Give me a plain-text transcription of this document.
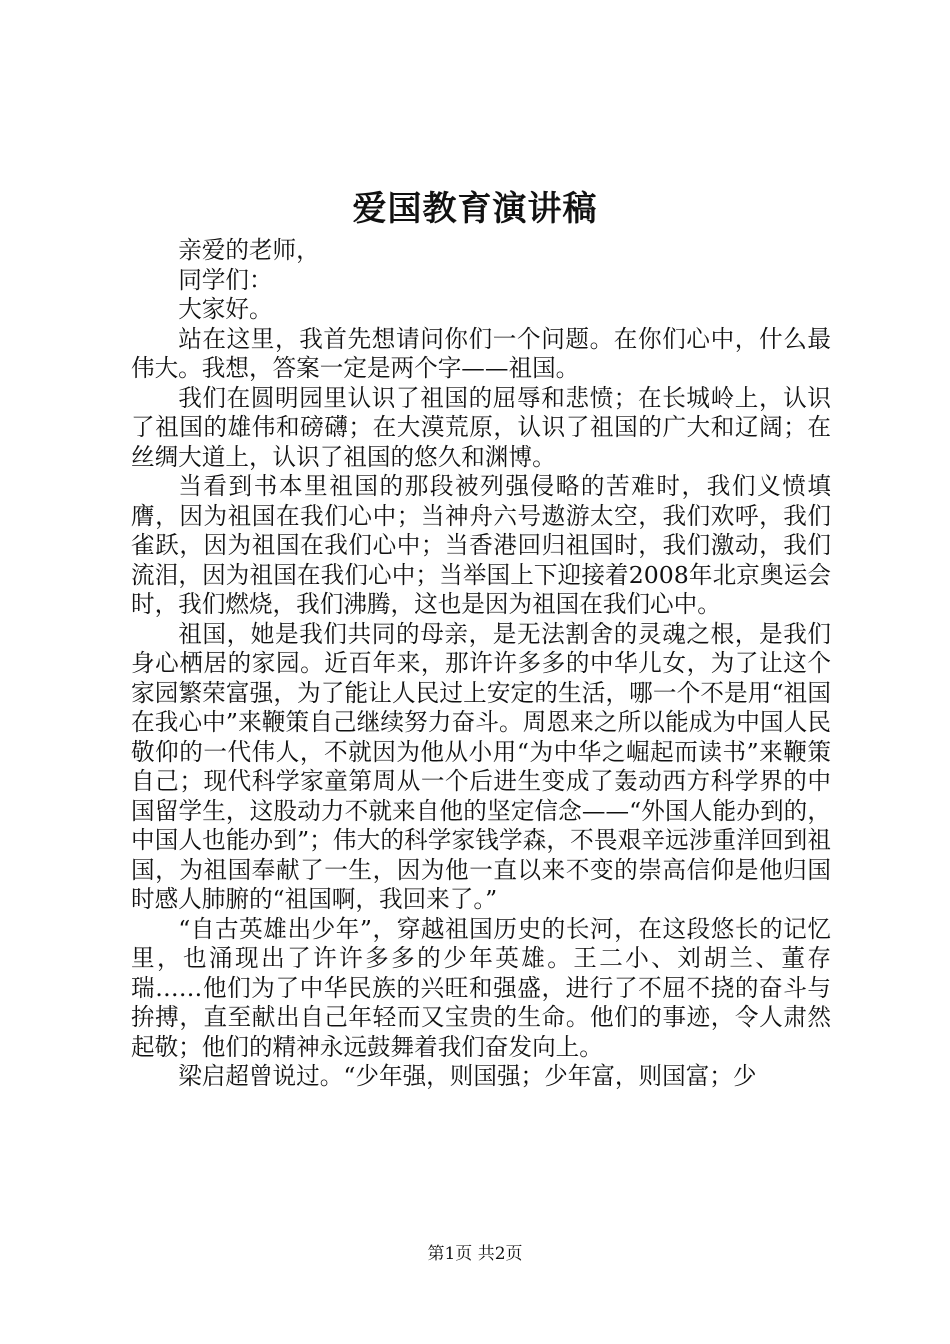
爱国教育演讲稿

亲爱的老师，

同学们：

大家好。

站在这里，我首先想请问你们一个问题。在你们心中，什么最伟大。我想，答案一定是两个字——祖国。

我们在圆明园里认识了祖国的屈辱和悲愤；在长城岭上，认识了祖国的雄伟和磅礴；在大漠荒原，认识了祖国的广大和辽阔；在丝绸大道上，认识了祖国的悠久和渊博。

当看到书本里祖国的那段被列强侵略的苦难时，我们义愤填膺，因为祖国在我们心中；当神舟六号遨游太空，我们欢呼，我们雀跃，因为祖国在我们心中；当香港回归祖国时，我们激动，我们流泪，因为祖国在我们心中；当举国上下迎接着2008年北京奥运会时，我们燃烧，我们沸腾，这也是因为祖国在我们心中。

祖国，她是我们共同的母亲，是无法割舍的灵魂之根，是我们身心栖居的家园。近百年来，那许许多多的中华儿女，为了让这个家园繁荣富强，为了能让人民过上安定的生活，哪一个不是用“祖国在我心中”来鞭策自己继续努力奋斗。周恩来之所以能成为中国人民敬仰的一代伟人，不就因为他从小用“为中华之崛起而读书”来鞭策自己；现代科学家童第周从一个后进生变成了轰动西方科学界的中国留学生，这股动力不就来自他的坚定信念——“外国人能办到的，中国人也能办到”；伟大的科学家钱学森，不畏艰辛远涉重洋回到祖国，为祖国奉献了一生，因为他一直以来不变的崇高信仰是他归国时感人肺腑的“祖国啊，我回来了。”

“自古英雄出少年”，穿越祖国历史的长河，在这段悠长的记忆里，也涌现出了许许多多的少年英雄。王二小、刘胡兰、董存瑞……他们为了中华民族的兴旺和强盛，进行了不屈不挠的奋斗与拚搏，直至献出自己年轻而又宝贵的生命。他们的事迹，令人肃然起敬；他们的精神永远鼓舞着我们奋发向上。

梁启超曾说过。“少年强，则国强；少年富，则国富；少

第1页 共2页
